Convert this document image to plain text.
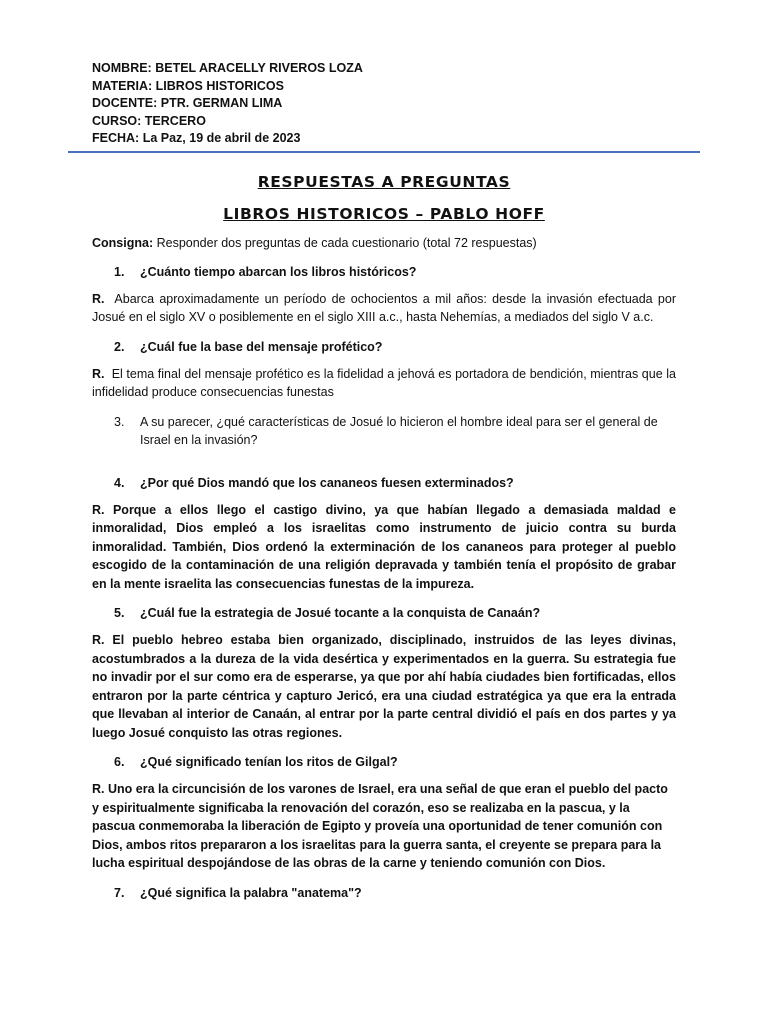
NOMBRE: BETEL ARACELLY RIVEROS LOZA
MATERIA: LIBROS HISTORICOS
DOCENTE: PTR. GERMAN LIMA
CURSO: TERCERO
FECHA: La Paz, 19 de abril de 2023
RESPUESTAS A PREGUNTAS
LIBROS HISTORICOS – PABLO HOFF
Consigna: Responder dos preguntas de cada cuestionario (total 72 respuestas)
1.	¿Cuánto tiempo abarcan los libros históricos?
R. Abarca aproximadamente un período de ochocientos a mil años: desde la invasión efectuada por Josué en el siglo XV o posiblemente en el siglo XIII a.c., hasta Nehemías, a mediados del siglo V a.c.
2.	¿Cuál fue la base del mensaje profético?
R. El tema final del mensaje profético es la fidelidad a jehová es portadora de bendición, mientras que la infidelidad produce consecuencias funestas
3.	A su parecer, ¿qué características de Josué lo hicieron el hombre ideal para ser el general de Israel en la invasión?
4.	¿Por qué Dios mandó que los cananeos fuesen exterminados?
R. Porque a ellos llego el castigo divino, ya que habían llegado a demasiada maldad e inmoralidad, Dios empleó a los israelitas como instrumento de juicio contra su burda inmoralidad. También, Dios ordenó la exterminación de los cananeos para proteger al pueblo escogido de la contaminación de una religión depravada y también tenía el propósito de grabar en la mente israelita las consecuencias funestas de la impureza.
5.	¿Cuál fue la estrategia de Josué tocante a la conquista de Canaán?
R. El pueblo hebreo estaba bien organizado, disciplinado, instruidos de las leyes divinas, acostumbrados a la dureza de la vida desértica y experimentados en la guerra. Su estrategia fue no invadir por el sur como era de esperarse, ya que por ahí había ciudades bien fortificadas, ellos entraron por la parte céntrica y capturo Jericó, era una ciudad estratégica ya que era la entrada que llevaban al interior de Canaán, al entrar por la parte central dividió el país en dos partes y ya luego Josué conquisto las otras regiones.
6.	¿Qué significado tenían los ritos de Gilgal?
R. Uno era la circuncisión de los varones de Israel, era una señal de que eran el pueblo del pacto y espiritualmente significaba la renovación del corazón, eso se realizaba en la pascua, y la pascua conmemoraba la liberación de Egipto y proveía una oportunidad de tener comunión con Dios, ambos ritos prepararon a los israelitas para la guerra santa, el creyente se prepara para la lucha espiritual despojándose de las obras de la carne y teniendo comunión con Dios.
7.	¿Qué significa la palabra "anatema"?
